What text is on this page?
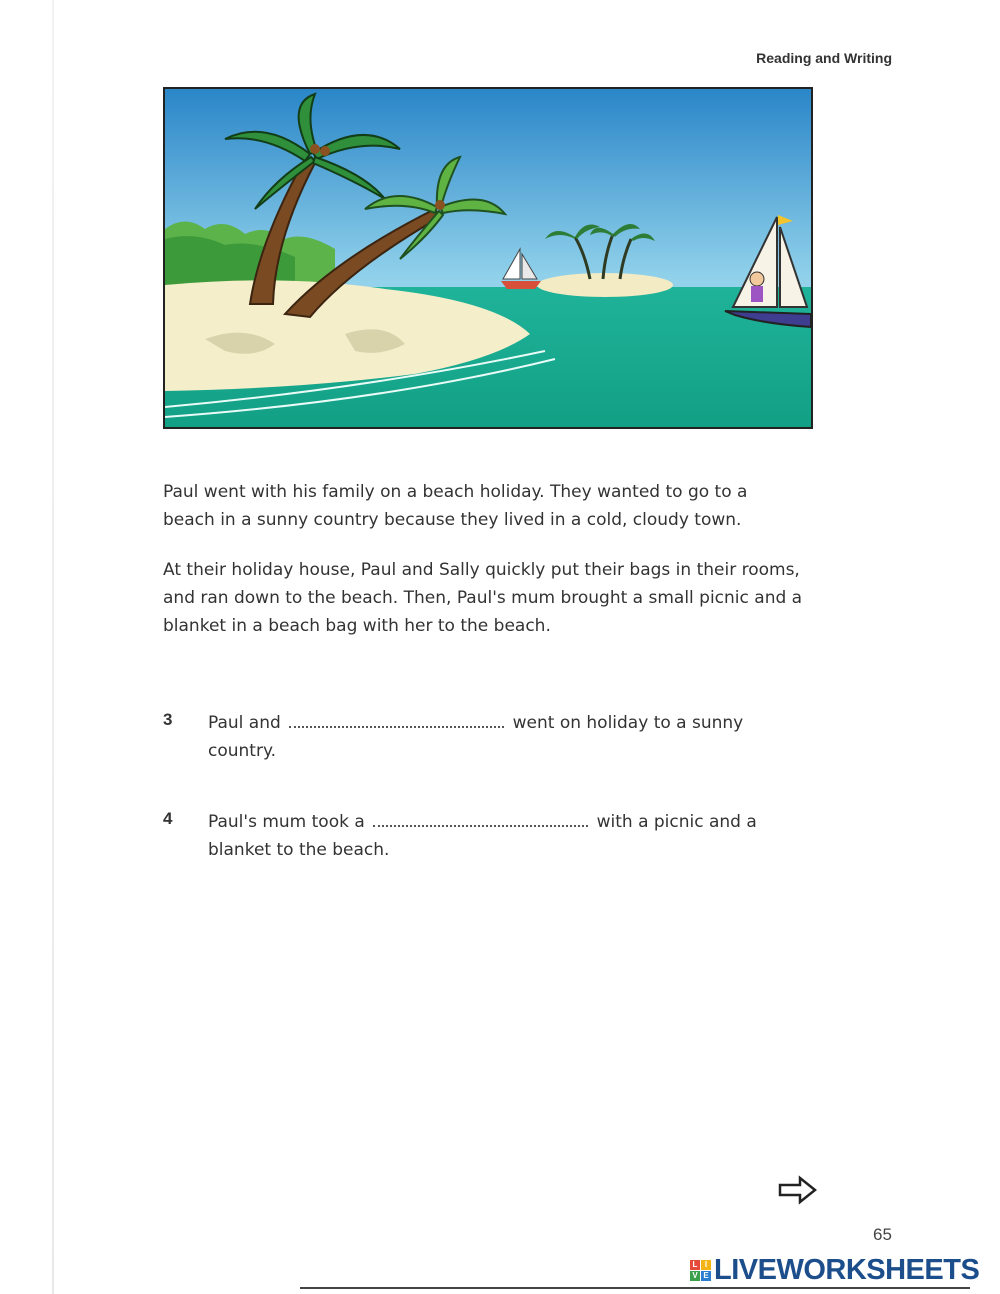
Reading and Writing

Paul went with his family on a beach holiday. They wanted to go to a beach in a sunny country because they lived in a cold, cloudy town.

At their holiday house, Paul and Sally quickly put their bags in their rooms, and ran down to the beach. Then, Paul's mum brought a small picnic and a blanket in a beach bag with her to the beach.

3 Paul and	went on holiday to a sunny country.
4 Paul's mum took a	with a picnic and a blanket to the beach.
65
L I
V E LIVEWORKSHEETS
